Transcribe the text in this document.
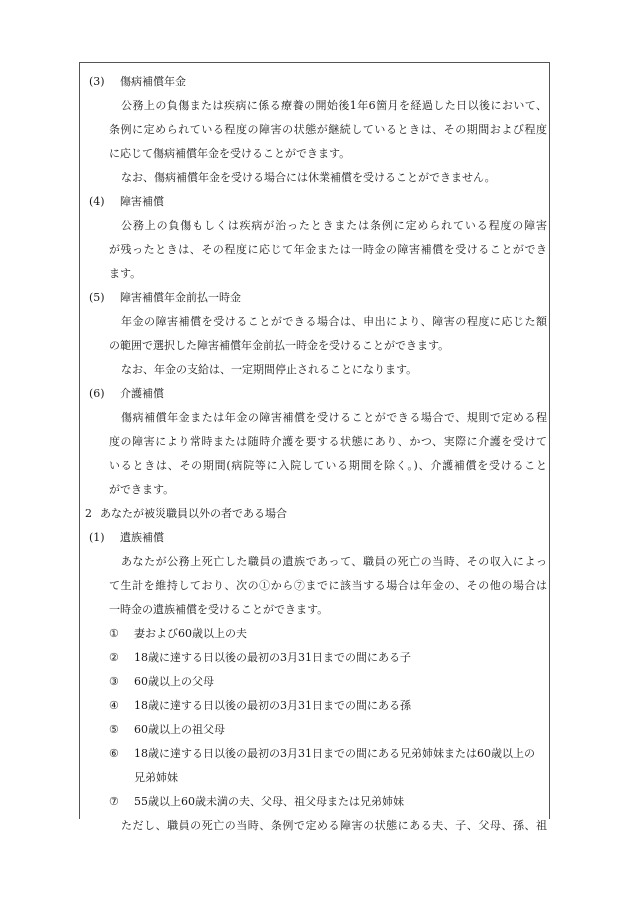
(3) 傷病補償年金
公務上の負傷または疾病に係る療養の開始後1年6箇月を経過した日以後において、
条例に定められている程度の障害の状態が継続しているときは、その期間および程度
に応じて傷病補償年金を受けることができます。
なお、傷病補償年金を受ける場合には休業補償を受けることができません。
(4) 障害補償
公務上の負傷もしくは疾病が治ったときまたは条例に定められている程度の障害
が残ったときは、その程度に応じて年金または一時金の障害補償を受けることができ
ます。
(5) 障害補償年金前払一時金
年金の障害補償を受けることができる場合は、申出により、障害の程度に応じた額
の範囲で選択した障害補償年金前払一時金を受けることができます。
なお、年金の支給は、一定期間停止されることになります。
(6) 介護補償
傷病補償年金または年金の障害補償を受けることができる場合で、規則で定める程
度の障害により常時または随時介護を要する状態にあり、かつ、実際に介護を受けて
いるときは、その期間(病院等に入院している期間を除く。)、介護補償を受けること
ができます。
2 あなたが被災職員以外の者である場合
(1) 遺族補償
あなたが公務上死亡した職員の遺族であって、職員の死亡の当時、その収入によっ
て生計を維持しており、次の①から⑦までに該当する場合は年金の、その他の場合は
一時金の遺族補償を受けることができます。
① 妻および60歳以上の夫
② 18歳に達する日以後の最初の3月31日までの間にある子
③ 60歳以上の父母
④ 18歳に達する日以後の最初の3月31日までの間にある孫
⑤ 60歳以上の祖父母
⑥ 18歳に達する日以後の最初の3月31日までの間にある兄弟姉妹または60歳以上の
兄弟姉妹
⑦ 55歳以上60歳未満の夫、父母、祖父母または兄弟姉妹
ただし、職員の死亡の当時、条例で定める障害の状態にある夫、子、父母、孫、祖
